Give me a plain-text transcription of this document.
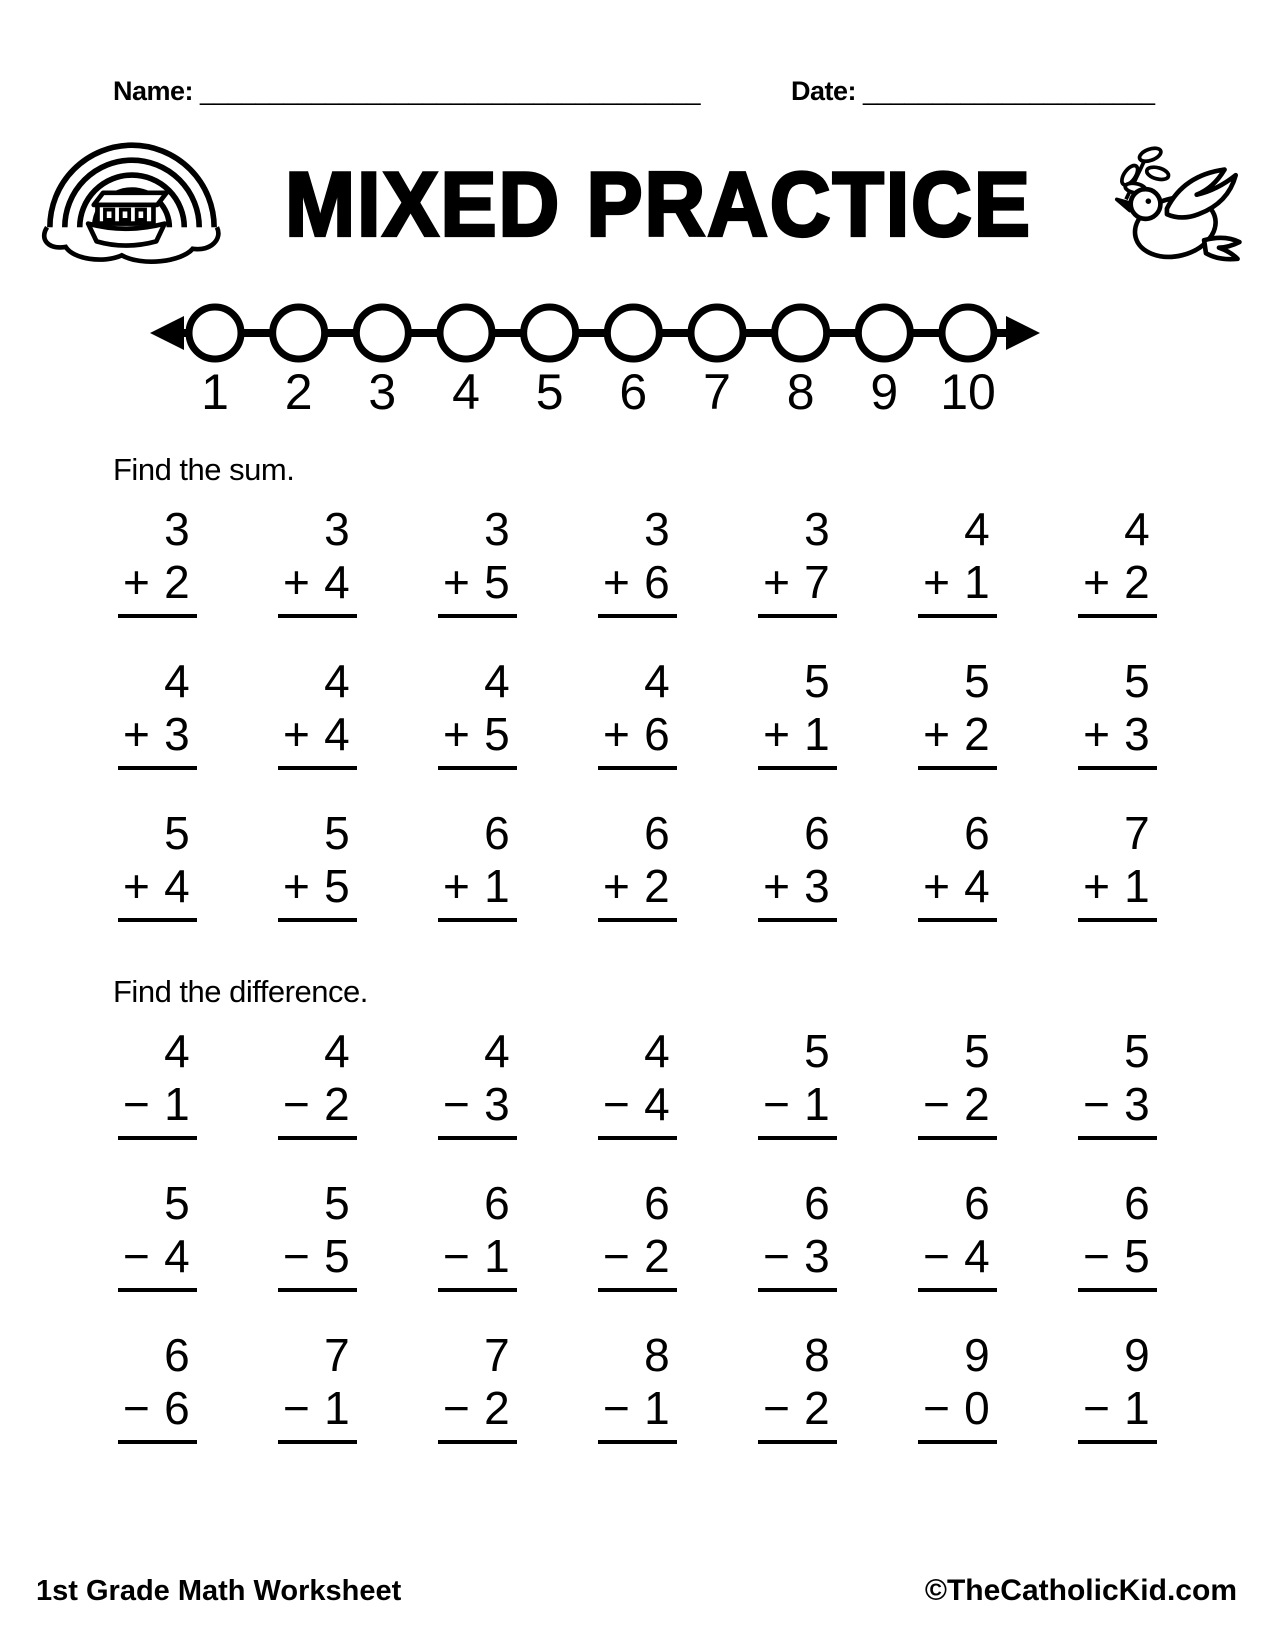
Name: ____________________________________	Date: _____________________
MIXED PRACTICE
1 2 3 4 5 6 7 8 9 10
Find the sum.
3
+ 2
3
+ 4
3
+ 5
3
+ 6
3
+ 7
4
+ 1
4
+ 2
4
+ 3
4
+ 4
4
+ 5
4
+ 6
5
+ 1
5
+ 2
5
+ 3
5
+ 4
5
+ 5
6
+ 1
6
+ 2
6
+ 3
6
+ 4
7
+ 1
Find the difference.
4
− 1
4
− 2
4
− 3
4
− 4
5
− 1
5
− 2
5
− 3
5
− 4
5
− 5
6
− 1
6
− 2
6
− 3
6
− 4
6
− 5
6
− 6
7
− 1
7
− 2
8
− 1
8
− 2
9
− 0
9
− 1
1st Grade Math Worksheet	©TheCatholicKid.com
